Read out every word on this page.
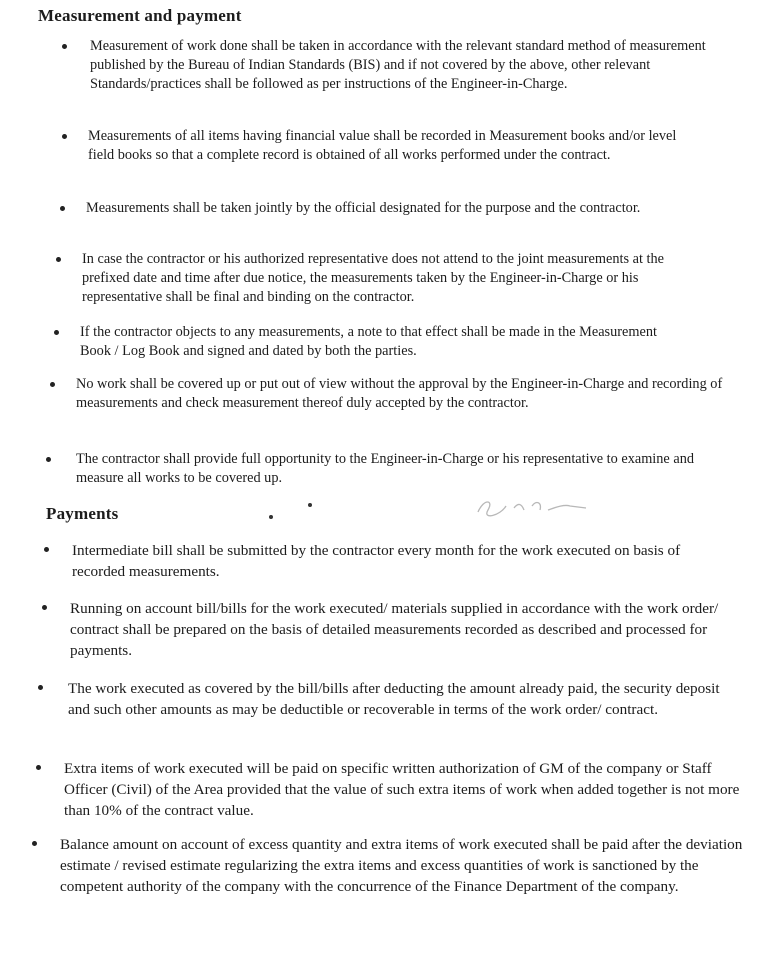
Measurement and payment
Measurement of work done shall be taken in accordance with the relevant standard method of measurement published by the Bureau of Indian Standards (BIS) and if not covered by the above, other relevant Standards/practices shall be followed as per instructions of the Engineer-in-Charge.
Measurements of all items having financial value shall be recorded in Measurement books and/or level field books so that a complete record is obtained of all works performed under the contract.
Measurements shall be taken jointly by the official designated for the purpose and the contractor.
In case the contractor or his authorized representative does not attend to the joint measurements at the prefixed date and time after due notice, the measurements taken by the Engineer-in-Charge or his representative shall be final and binding on the contractor.
If the contractor objects to any measurements, a note to that effect shall be made in the Measurement Book / Log Book and signed and dated by both the parties.
No work shall be covered up or put out of view without the approval by the Engineer-in-Charge and recording of measurements and check measurement thereof duly accepted by the contractor.
The contractor shall provide full opportunity to the Engineer-in-Charge or his representative to examine and measure all works to be covered up.
Payments
Intermediate bill shall be submitted by the contractor every month for the work executed on basis of recorded measurements.
Running on account bill/bills for the work executed/ materials supplied in accordance with the work order/ contract shall be prepared on the basis of detailed measurements recorded as described and processed for payments.
The work executed as covered by the bill/bills after deducting the amount already paid, the security deposit and such other amounts as may be deductible or recoverable in terms of the work order/ contract.
Extra items of work executed will be paid on specific written authorization of GM of the company or Staff Officer (Civil) of the Area provided that the value of such extra items of work when added together is not more than 10% of the contract value.
Balance amount on account of excess quantity and extra items of work executed shall be paid after the deviation estimate / revised estimate regularizing the extra items and excess quantities of work is sanctioned by the competent authority of the company with the concurrence of the Finance Department of the company.
